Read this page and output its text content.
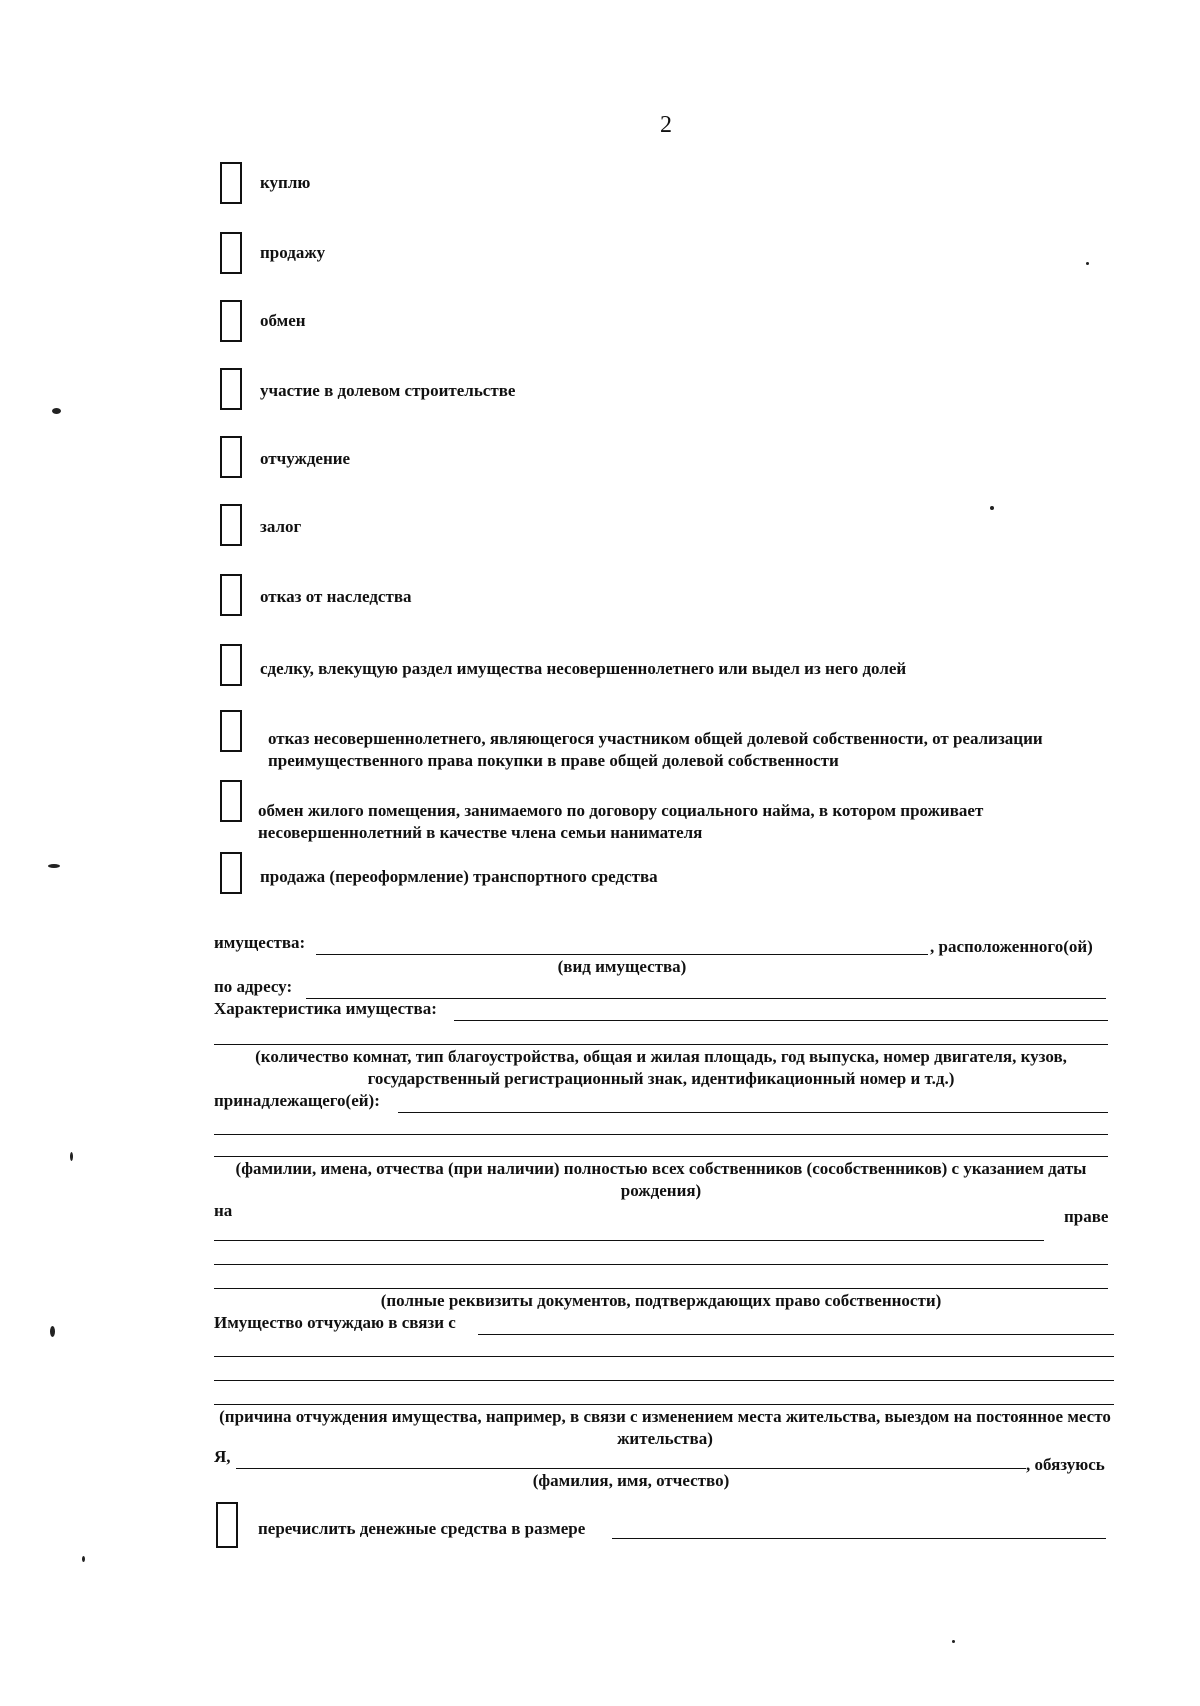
2
куплю
продажу
обмен
участие в долевом строительстве
отчуждение
залог
отказ от наследства
сделку, влекущую раздел имущества несовершеннолетнего или выдел из него долей
отказ несовершеннолетнего, являющегося участником общей долевой собственности, от реализации преимущественного права покупки в праве общей долевой собственности
обмен жилого помещения, занимаемого по договору социального найма, в котором проживает несовершеннолетний в качестве члена семьи нанимателя
продажа (переоформление) транспортного средства
имущества:	, расположенного(ой)
(вид имущества)
по адресу:
Характеристика имущества:
(количество комнат, тип благоустройства, общая и жилая площадь, год выпуска, номер двигателя, кузов, государственный регистрационный знак, идентификационный номер и т.д.)
принадлежащего(ей):
(фамилии, имена, отчества (при наличии) полностью всех собственников (сособственников) с указанием даты рождения)
на	праве
(полные реквизиты документов, подтверждающих право собственности)
Имущество отчуждаю в связи с
(причина отчуждения имущества, например, в связи с изменением места жительства, выездом на постоянное место жительства)
Я,	, обязуюсь
(фамилия, имя, отчество)
перечислить денежные средства в размере
